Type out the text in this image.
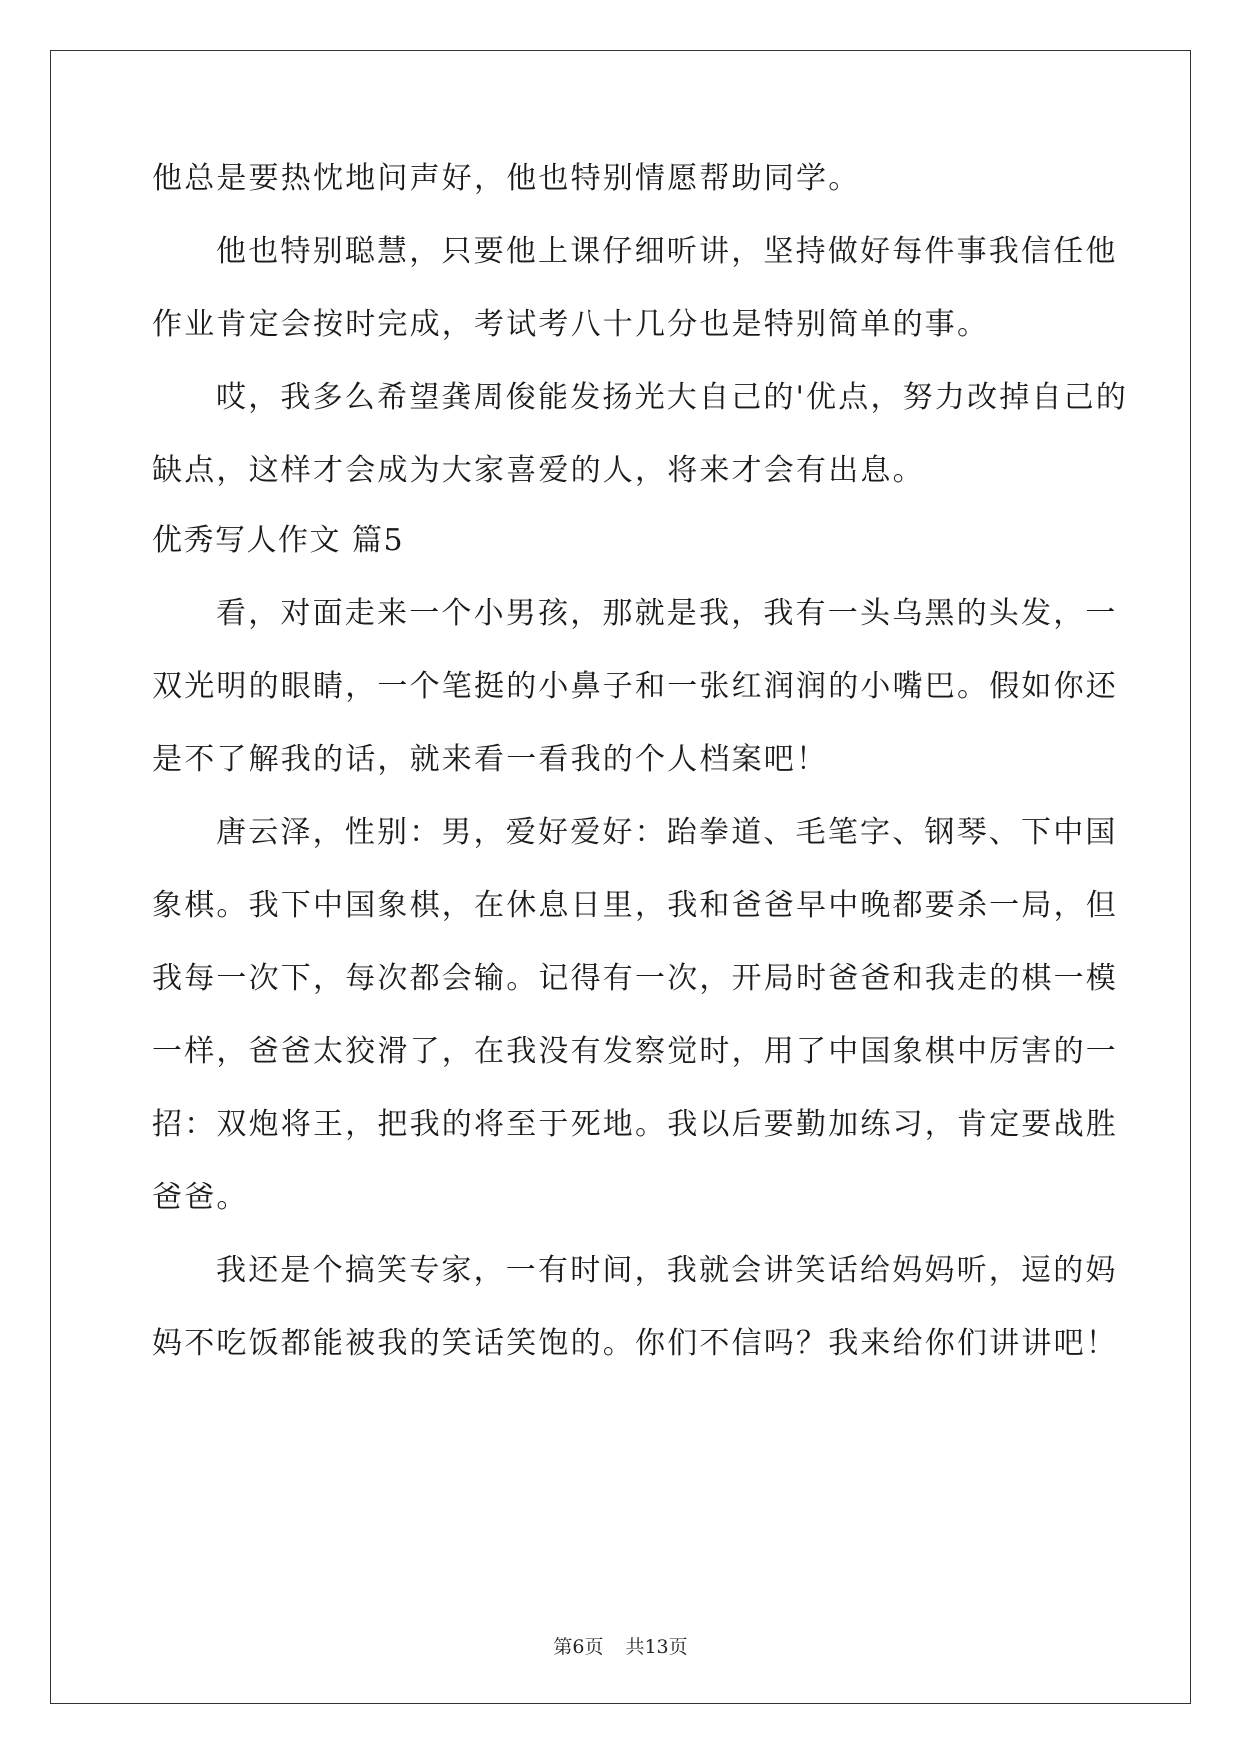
他总是要热忱地问声好，他也特别情愿帮助同学。
他也特别聪慧，只要他上课仔细听讲，坚持做好每件事我信任他
作业肯定会按时完成，考试考八十几分也是特别简单的事。
哎，我多么希望龚周俊能发扬光大自己的'优点，努力改掉自己的
缺点，这样才会成为大家喜爱的人，将来才会有出息。
优秀写人作文 篇5
看，对面走来一个小男孩，那就是我，我有一头乌黑的头发，一
双光明的眼睛，一个笔挺的小鼻子和一张红润润的小嘴巴。假如你还
是不了解我的话，就来看一看我的个人档案吧！
唐云泽，性别：男，爱好爱好：跆拳道、毛笔字、钢琴、下中国
象棋。我下中国象棋，在休息日里，我和爸爸早中晚都要杀一局，但
我每一次下，每次都会输。记得有一次，开局时爸爸和我走的棋一模
一样，爸爸太狡滑了，在我没有发察觉时，用了中国象棋中厉害的一
招：双炮将王，把我的将至于死地。我以后要勤加练习，肯定要战胜
爸爸。
我还是个搞笑专家，一有时间，我就会讲笑话给妈妈听，逗的妈
妈不吃饭都能被我的笑话笑饱的。你们不信吗？我来给你们讲讲吧！
第6页 共13页
